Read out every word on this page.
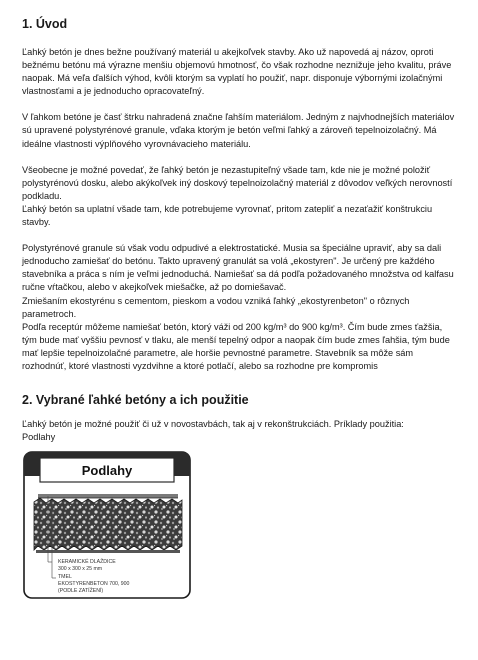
1. Úvod

Ľahký betón je dnes bežne používaný materiál u akejkoľvek stavby. Ako už napovedá aj názov, oproti bežnému betónu má výrazne menšiu objemovú hmotnosť, čo však rozhodne neznižuje jeho kvalitu, práve naopak. Má veľa ďalších výhod, kvôli ktorým sa vyplatí ho použiť, napr. disponuje výbornými izolačnými vlastnosťami a je jednoducho opracovateľný.

V ľahkom betóne je časť štrku nahradená značne ľahším materiálom. Jedným z najvhodnejších materiálov sú upravené polystyrénové granule, vďaka ktorým je betón veľmi ľahký a zároveň tepelnoizolačný. Má ideálne vlastnosti výplňového vyrovnávacieho materiálu.

Všeobecne je možné povedať, že ľahký betón je nezastupiteľný všade tam, kde nie je možné položiť polystyrénovú dosku, alebo akýkoľvek iný doskový tepelnoizolačný materiál z dôvodov veľkých nerovností podkladu.

Ľahký betón sa uplatní všade tam, kde potrebujeme vyrovnať, pritom zatepliť a nezaťažiť konštrukciu stavby.

Polystyrénové granule sú však vodu odpudivé a elektrostatické. Musia sa špeciálne upraviť, aby sa dali jednoducho zamiešať do betónu. Takto upravený granulát sa volá „ekostyren". Je určený pre každého stavebníka a práca s ním je veľmi jednoduchá. Namiešať sa dá podľa požadovaného množstva od kalfasu ručne vŕtačkou, alebo v akejkoľvek miešačke, až po domiešavač.

Zmiešaním ekostyrénu s cementom, pieskom a vodou vzniká ľahký „ekostyrenbeton" o rôznych parametroch.

Podľa receptúr môžeme namiešať betón, ktorý váži od 200 kg/m³ do 900 kg/m³. Čím bude zmes ťažšia, tým bude mať vyššiu pevnosť v tlaku, ale menší tepelný odpor a naopak čím bude zmes ľahšia, tým bude mať lepšie tepelnoizolačné parametre, ale horšie pevnostné parametre. Stavebník sa môže sám rozhodnúť, ktoré vlastnosti vyzdvihne a ktoré potlačí, alebo sa rozhodne pre kompromis

2. Vybrané ľahké betóny a ich použitie

Ľahký betón je možné použiť či už v novostavbách, tak aj v rekonštrukciách. Príklady použitia:

Podlahy

Podlahy
KERAMICKÉ DLAŽDICE
300 x 300 x 25 mm
TMEL
EKOSTYRENBETON 700, 900
(PODLE ZATÍŽENÍ)
